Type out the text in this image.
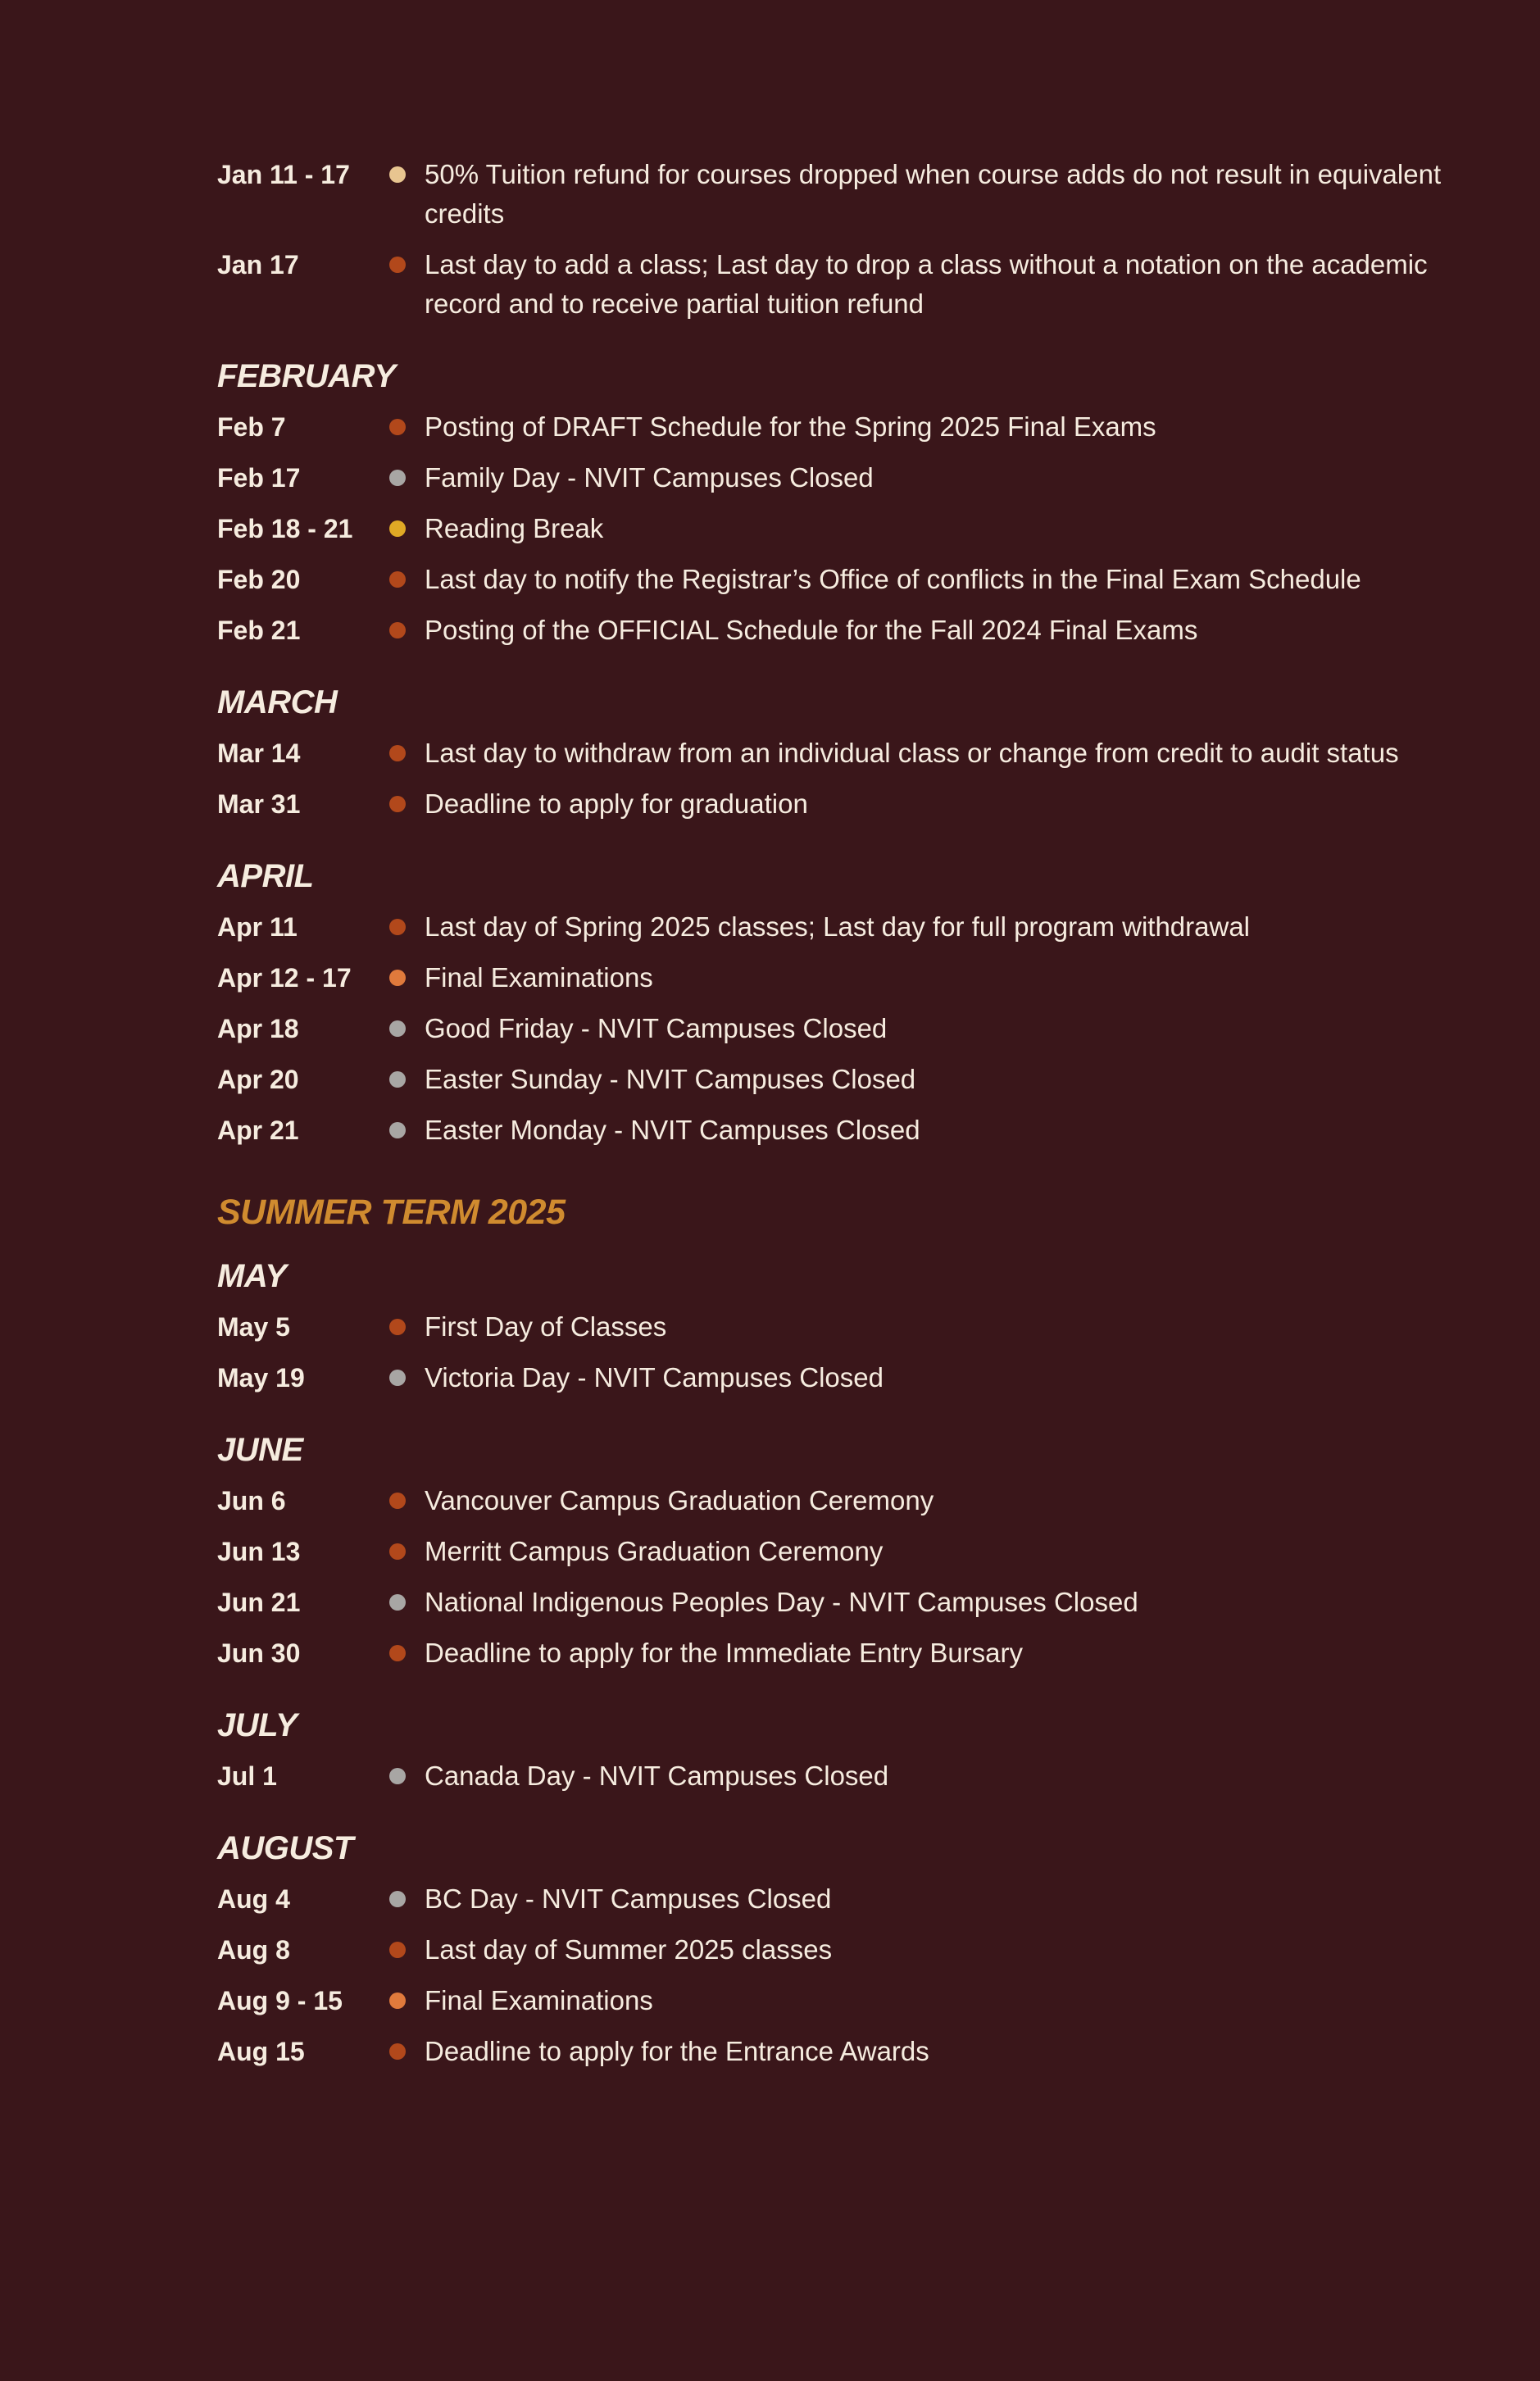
Jan 11 - 17	50% Tuition refund for courses dropped when course adds do not result in equivalent credits
Jan 17	Last day to add a class; Last day to drop a class without a notation on the academic record and to receive partial tuition refund
FEBRUARY
Feb 7	Posting of DRAFT Schedule for the Spring 2025 Final Exams
Feb 17	Family Day - NVIT Campuses Closed
Feb 18 - 21	Reading Break
Feb 20	Last day to notify the Registrar’s Office of conflicts in the Final Exam Schedule
Feb 21	Posting of the OFFICIAL Schedule for the Fall 2024 Final Exams
MARCH
Mar 14	Last day to withdraw from an individual class or change from credit to audit status
Mar 31	Deadline to apply for graduation
APRIL
Apr 11	Last day of Spring 2025 classes; Last day for full program withdrawal
Apr 12 - 17	Final Examinations
Apr 18	Good Friday - NVIT Campuses Closed
Apr 20	Easter Sunday - NVIT Campuses Closed
Apr 21	Easter Monday - NVIT Campuses Closed
SUMMER TERM 2025
MAY
May 5	First Day of Classes
May 19	Victoria Day - NVIT Campuses Closed
JUNE
Jun 6	Vancouver Campus Graduation Ceremony
Jun 13	Merritt Campus Graduation Ceremony
Jun 21	National Indigenous Peoples Day - NVIT Campuses Closed
Jun 30	Deadline to apply for the Immediate Entry Bursary
JULY
Jul 1	Canada Day - NVIT Campuses Closed
AUGUST
Aug 4	BC Day - NVIT Campuses Closed
Aug 8	Last day of Summer 2025 classes
Aug 9 - 15	Final Examinations
Aug 15	Deadline to apply for the Entrance Awards
